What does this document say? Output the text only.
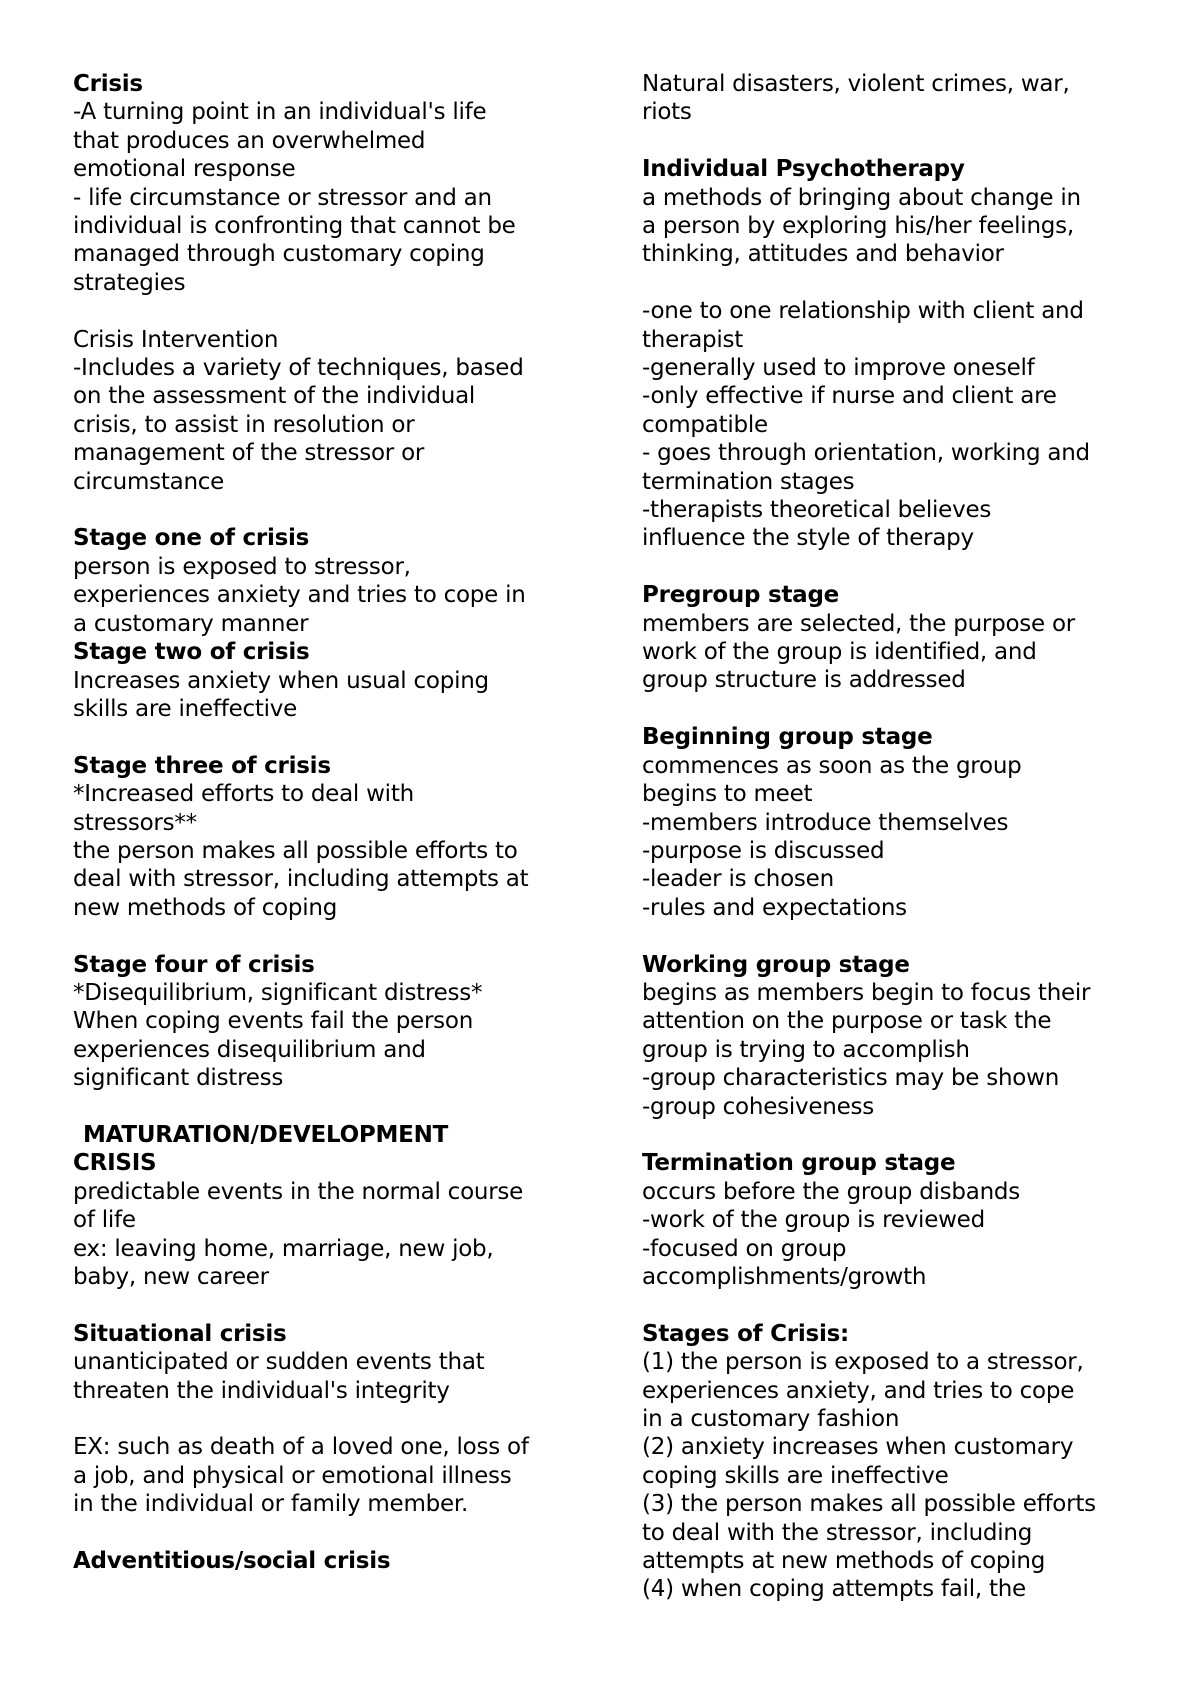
Crisis
-A turning point in an individual's life
that produces an overwhelmed
emotional response
- life circumstance or stressor and an
individual is confronting that cannot be
managed through customary coping
strategies
Crisis Intervention
-Includes a variety of techniques, based
on the assessment of the individual
crisis, to assist in resolution or
management of the stressor or
circumstance
Stage one of crisis
person is exposed to stressor,
experiences anxiety and tries to cope in
a customary manner
Stage two of crisis
Increases anxiety when usual coping
skills are ineffective
Stage three of crisis
*Increased efforts to deal with
stressors**
the person makes all possible efforts to
deal with stressor, including attempts at
new methods of coping
Stage four of crisis
*Disequilibrium, significant distress*
When coping events fail the person
experiences disequilibrium and
significant distress
MATURATION/DEVELOPMENT
CRISIS
predictable events in the normal course
of life
ex: leaving home, marriage, new job,
baby, new career
Situational crisis
unanticipated or sudden events that
threaten the individual's integrity
EX: such as death of a loved one, loss of
a job, and physical or emotional illness
in the individual or family member.
Adventitious/social crisis
Natural disasters, violent crimes, war,
riots
Individual Psychotherapy
a methods of bringing about change in
a person by exploring his/her feelings,
thinking, attitudes and behavior
-one to one relationship with client and
therapist
-generally used to improve oneself
-only effective if nurse and client are
compatible
- goes through orientation, working and
termination stages
-therapists theoretical believes
influence the style of therapy
Pregroup stage
members are selected, the purpose or
work of the group is identified, and
group structure is addressed
Beginning group stage
commences as soon as the group
begins to meet
-members introduce themselves
-purpose is discussed
-leader is chosen
-rules and expectations
Working group stage
begins as members begin to focus their
attention on the purpose or task the
group is trying to accomplish
-group characteristics may be shown
-group cohesiveness
Termination group stage
occurs before the group disbands
-work of the group is reviewed
-focused on group
accomplishments/growth
Stages of Crisis:
(1) the person is exposed to a stressor,
experiences anxiety, and tries to cope
in a customary fashion
(2) anxiety increases when customary
coping skills are ineffective
(3) the person makes all possible efforts
to deal with the stressor, including
attempts at new methods of coping
(4) when coping attempts fail, the
